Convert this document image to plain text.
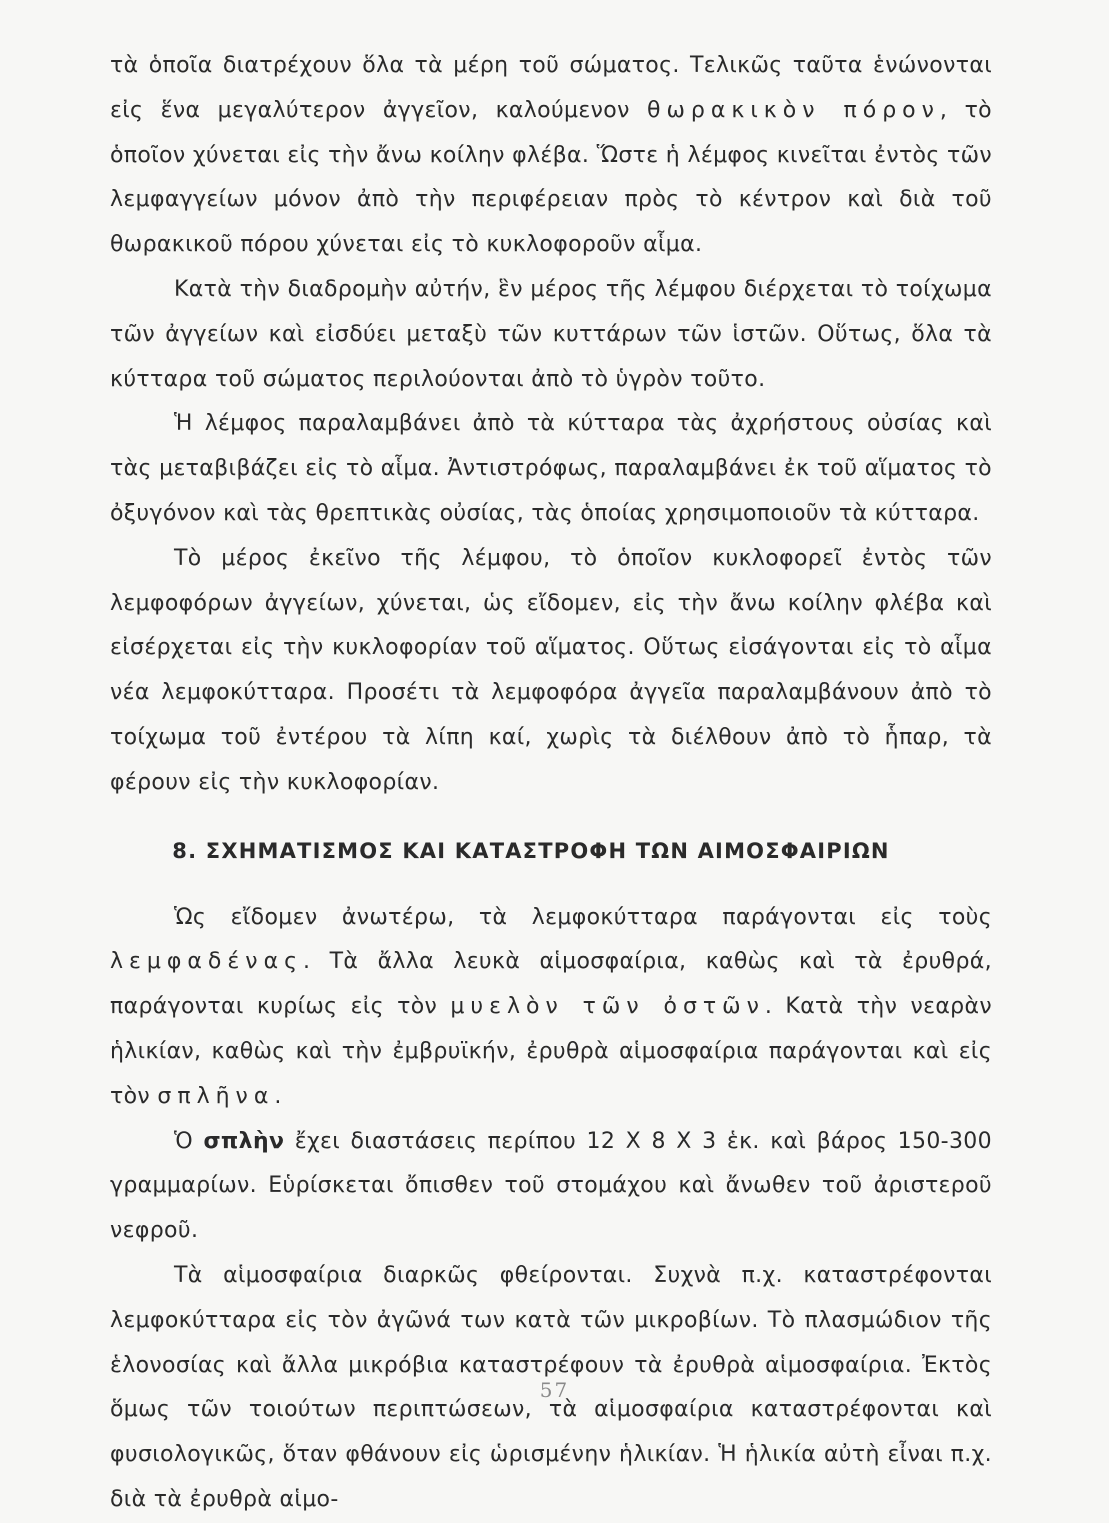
τὰ ὁποῖα διατρέχουν ὅλα τὰ μέρη τοῦ σώματος. Τελικῶς ταῦτα ἑνώνονται εἰς ἕνα μεγαλύτερον ἀγγεῖον, καλούμενον θωρακικὸν πόρον, τὸ ὁποῖον χύνεται εἰς τὴν ἄνω κοίλην φλέβα. Ὥστε ἡ λέμφος κινεῖται ἐντὸς τῶν λεμφαγγείων μόνον ἀπὸ τὴν περιφέρειαν πρὸς τὸ κέντρον καὶ διὰ τοῦ θωρακικοῦ πόρου χύνεται εἰς τὸ κυκλοφοροῦν αἷμα.

Κατὰ τὴν διαδρομὴν αὐτήν, ἓν μέρος τῆς λέμφου διέρχεται τὸ τοίχωμα τῶν ἀγγείων καὶ εἰσδύει μεταξὺ τῶν κυττάρων τῶν ἱστῶν. Οὕτως, ὅλα τὰ κύτταρα τοῦ σώματος περιλούονται ἀπὸ τὸ ὑγρὸν τοῦτο.

Ἡ λέμφος παραλαμβάνει ἀπὸ τὰ κύτταρα τὰς ἀχρήστους οὐσίας καὶ τὰς μεταβιβάζει εἰς τὸ αἷμα. Ἀντιστρόφως, παραλαμβάνει ἐκ τοῦ αἵματος τὸ ὀξυγόνον καὶ τὰς θρεπτικὰς οὐσίας, τὰς ὁποίας χρησιμοποιοῦν τὰ κύτταρα.

Τὸ μέρος ἐκεῖνο τῆς λέμφου, τὸ ὁποῖον κυκλοφορεῖ ἐντὸς τῶν λεμφοφόρων ἀγγείων, χύνεται, ὡς εἴδομεν, εἰς τὴν ἄνω κοίλην φλέβα καὶ εἰσέρχεται εἰς τὴν κυκλοφορίαν τοῦ αἵματος. Οὕτως εἰσάγονται εἰς τὸ αἷμα νέα λεμφοκύτταρα. Προσέτι τὰ λεμφοφόρα ἀγγεῖα παραλαμβάνουν ἀπὸ τὸ τοίχωμα τοῦ ἐντέρου τὰ λίπη καί, χωρὶς τὰ διέλθουν ἀπὸ τὸ ἧπαρ, τὰ φέρουν εἰς τὴν κυκλοφορίαν.

8. ΣΧΗΜΑΤΙΣΜΟΣ ΚΑΙ ΚΑΤΑΣΤΡΟΦΗ ΤΩΝ ΑΙΜΟΣΦΑΙΡΙΩΝ

Ὡς εἴδομεν ἀνωτέρω, τὰ λεμφοκύτταρα παράγονται εἰς τοὺς λεμφαδένας. Τὰ ἄλλα λευκὰ αἱμοσφαίρια, καθὼς καὶ τὰ ἐρυθρά, παράγονται κυρίως εἰς τὸν μυελὸν τῶν ὀστῶν. Κατὰ τὴν νεαρὰν ἡλικίαν, καθὼς καὶ τὴν ἐμβρυϊκήν, ἐρυθρὰ αἱμοσφαίρια παράγονται καὶ εἰς τὸν σπλῆνα.

Ὁ σπλὴν ἔχει διαστάσεις περίπου 12 Χ 8 Χ 3 ἑκ. καὶ βάρος 150-300 γραμμαρίων. Εὑρίσκεται ὄπισθεν τοῦ στομάχου καὶ ἄνωθεν τοῦ ἀριστεροῦ νεφροῦ.

Τὰ αἱμοσφαίρια διαρκῶς φθείρονται. Συχνὰ π.χ. καταστρέφονται λεμφοκύτταρα εἰς τὸν ἀγῶνά των κατὰ τῶν μικροβίων. Τὸ πλασμώδιον τῆς ἑλονοσίας καὶ ἄλλα μικρόβια καταστρέφουν τὰ ἐρυθρὰ αἱμοσφαίρια. Ἐκτὸς ὅμως τῶν τοιούτων περιπτώσεων, τὰ αἱμοσφαίρια καταστρέφονται καὶ φυσιολογικῶς, ὅταν φθάνουν εἰς ὡρισμένην ἡλικίαν. Ἡ ἡλικία αὐτὴ εἶναι π.χ. διὰ τὰ ἐρυθρὰ αἱμο-

57
